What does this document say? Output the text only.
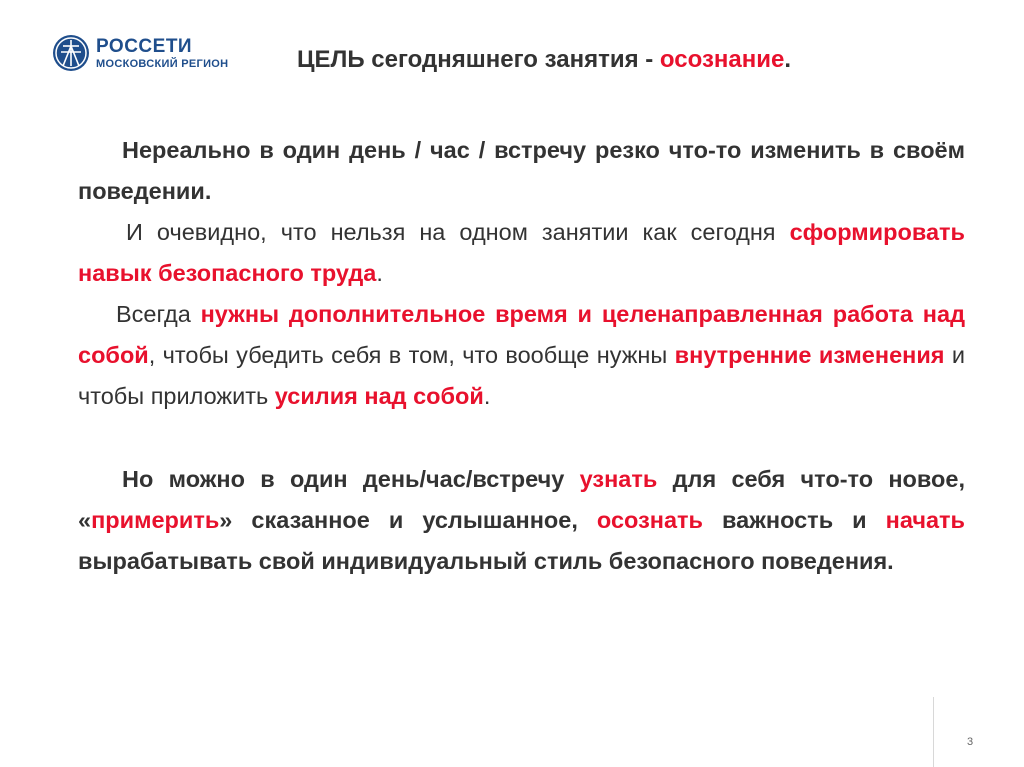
РОССЕТИ
МОСКОВСКИЙ РЕГИОН	ЦЕЛЬ сегодняшнего занятия - осознание.

Нереально в один день / час / встречу резко что-то изменить в своём поведении.

И очевидно, что нельзя на одном занятии как сегодня сформировать навык безопасного труда.

Всегда нужны дополнительное время и целенаправленная работа над собой, чтобы убедить себя в том, что вообще нужны внутренние изменения и чтобы приложить усилия над собой.

Но можно в один день/час/встречу узнать для себя что-то новое, «примерить» сказанное и услышанное, осознать важность и начать вырабатывать свой индивидуальный стиль безопасного поведения.

3
